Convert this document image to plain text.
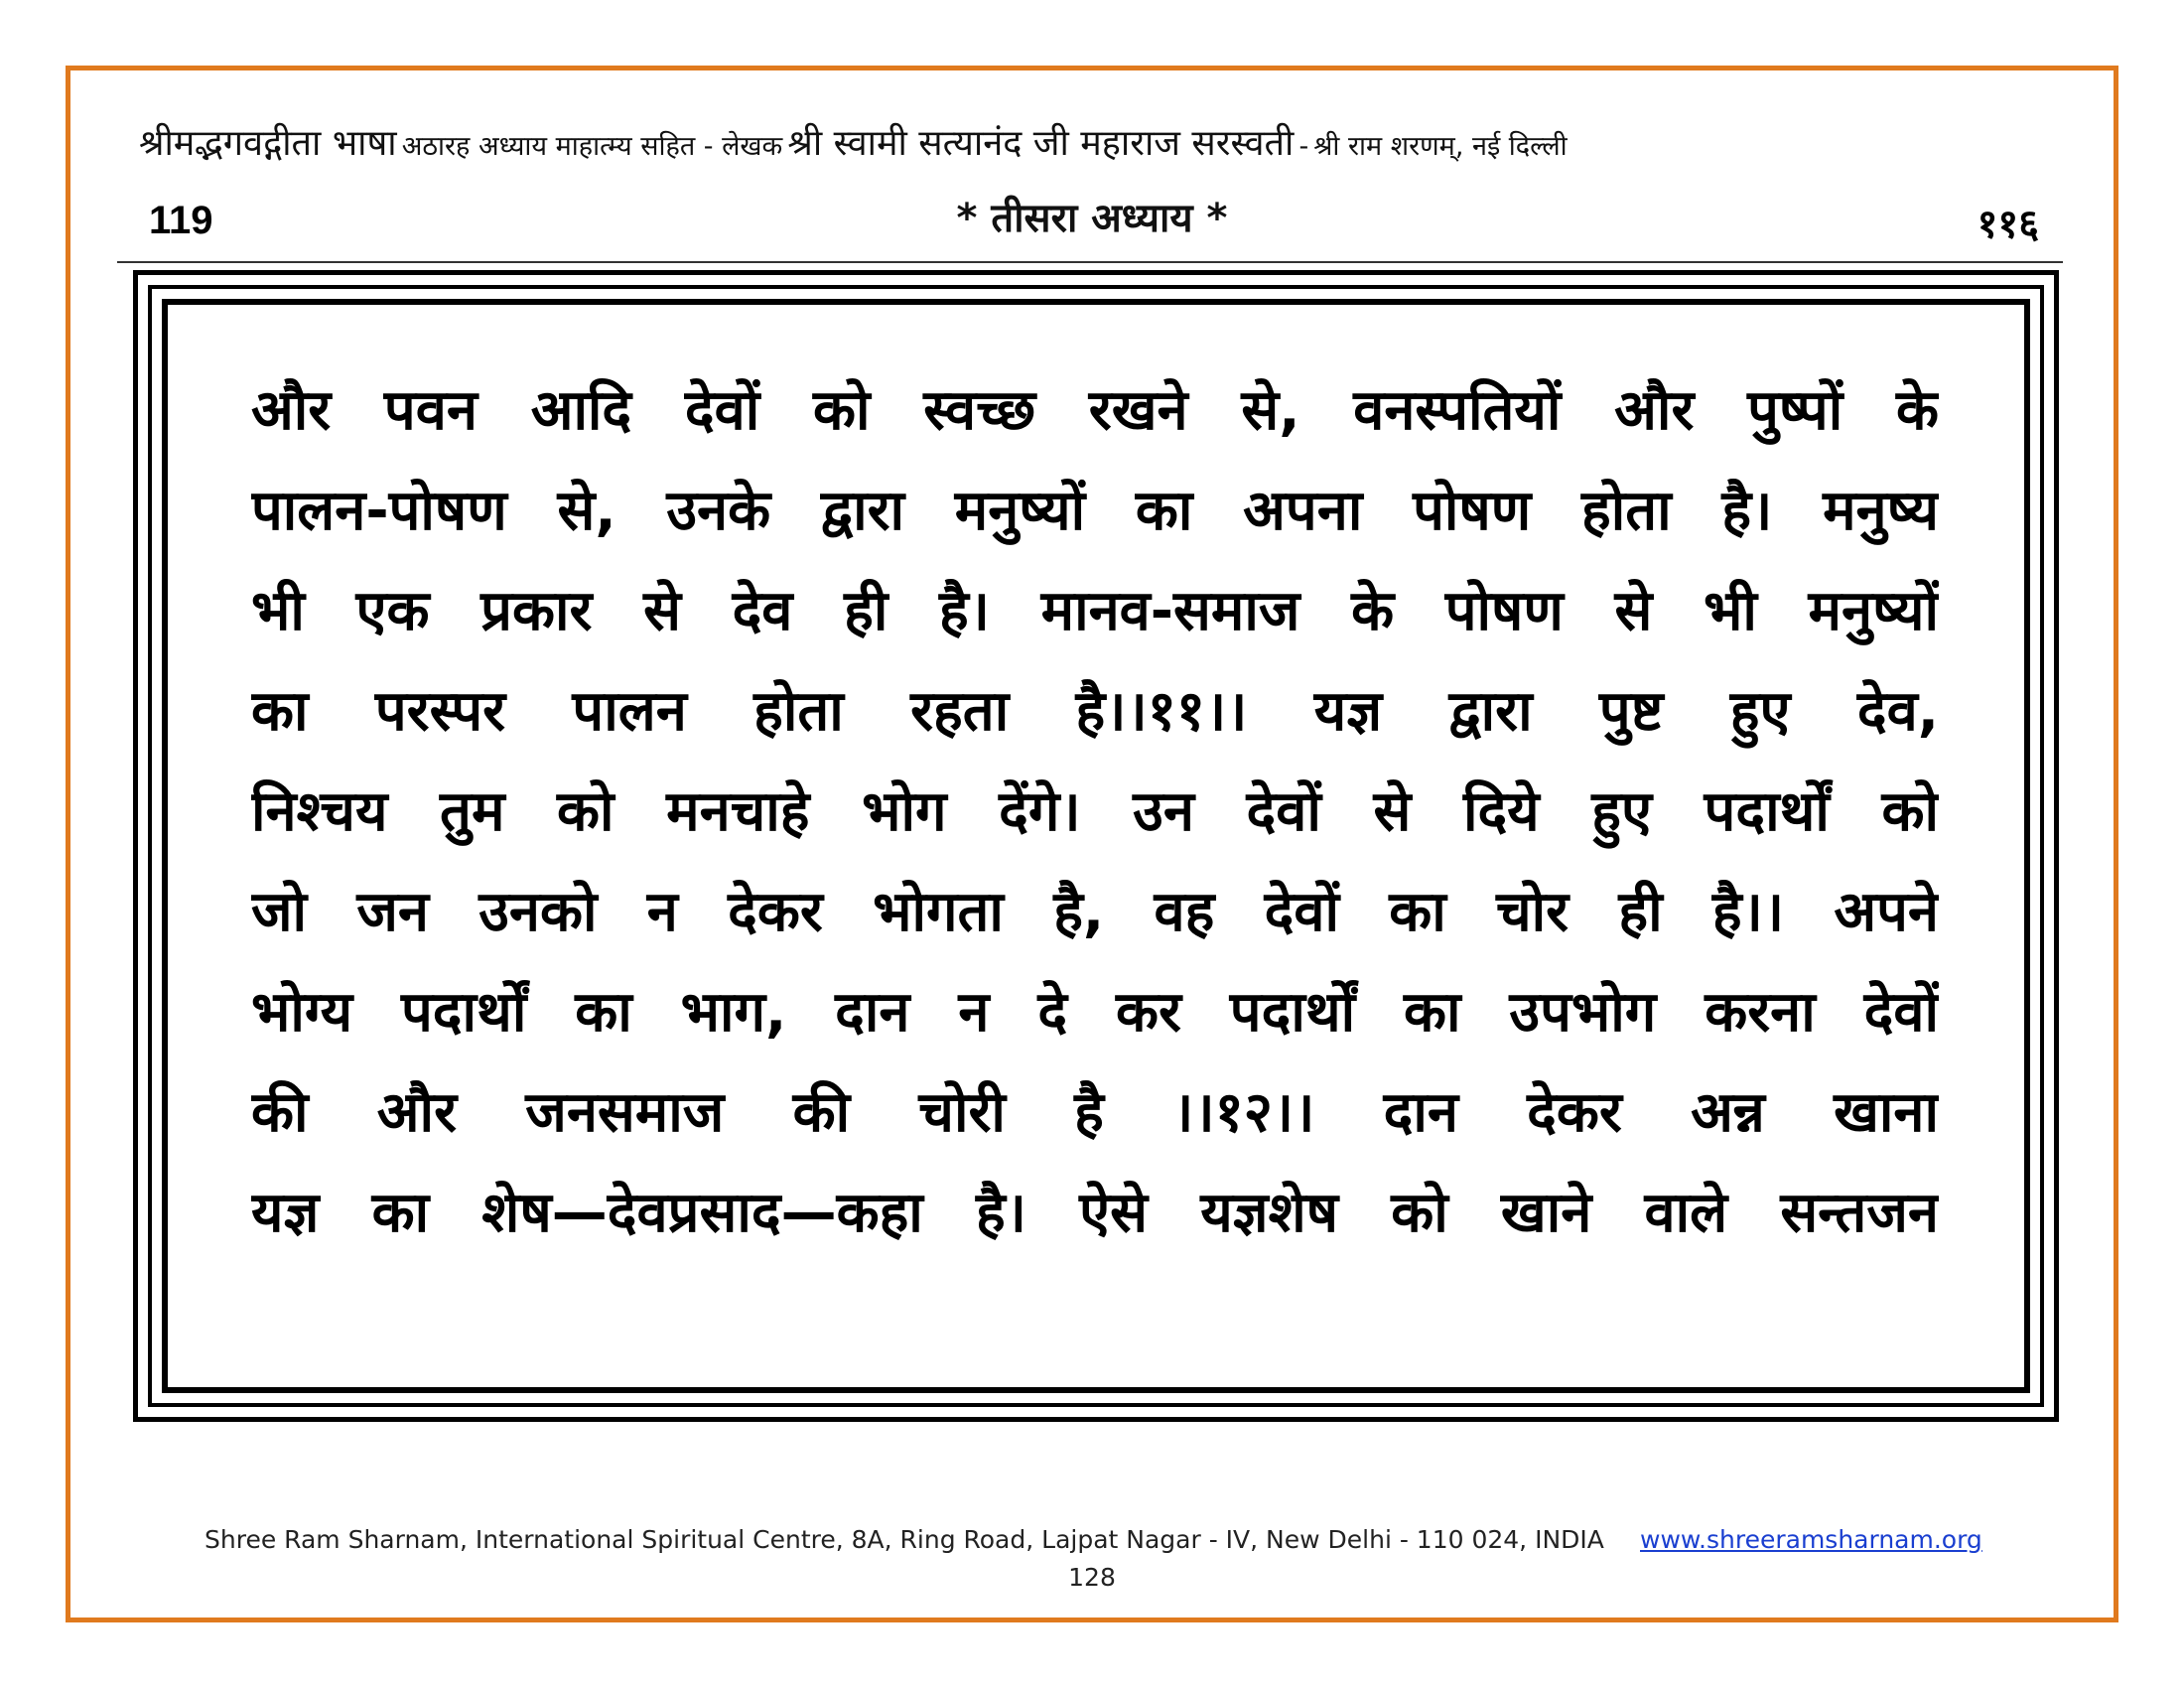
श्रीमद्भगवद्गीता भाषा अठारह अध्याय माहात्म्य सहित - लेखक श्री स्वामी सत्यानंद जी महाराज सरस्वती - श्री राम शरणम्, नई दिल्ली
119	* तीसरा अध्याय *	११६
और पवन आदि देवों को स्वच्छ रखने से, वनस्पतियों और पुष्पों के
पालन-पोषण से, उनके द्वारा मनुष्यों का अपना पोषण होता है। मनुष्य
भी एक प्रकार से देव ही है। मानव-समाज के पोषण से भी मनुष्यों
का परस्पर पालन होता रहता है।।११।। यज्ञ द्वारा पुष्ट हुए देव,
निश्चय तुम को मनचाहे भोग देंगे। उन देवों से दिये हुए पदार्थों को
जो जन उनको न देकर भोगता है, वह देवों का चोर ही है।। अपने
भोग्य पदार्थों का भाग, दान न दे कर पदार्थों का उपभोग करना देवों
की और जनसमाज की चोरी है ।।१२।। दान देकर अन्न खाना
यज्ञ का शेष—देवप्रसाद—कहा है। ऐसे यज्ञशेष को खाने वाले सन्तजन
Shree Ram Sharnam, International Spiritual Centre, 8A, Ring Road, Lajpat Nagar - IV, New Delhi - 110 024, INDIA www.shreeramsharnam.org
128
